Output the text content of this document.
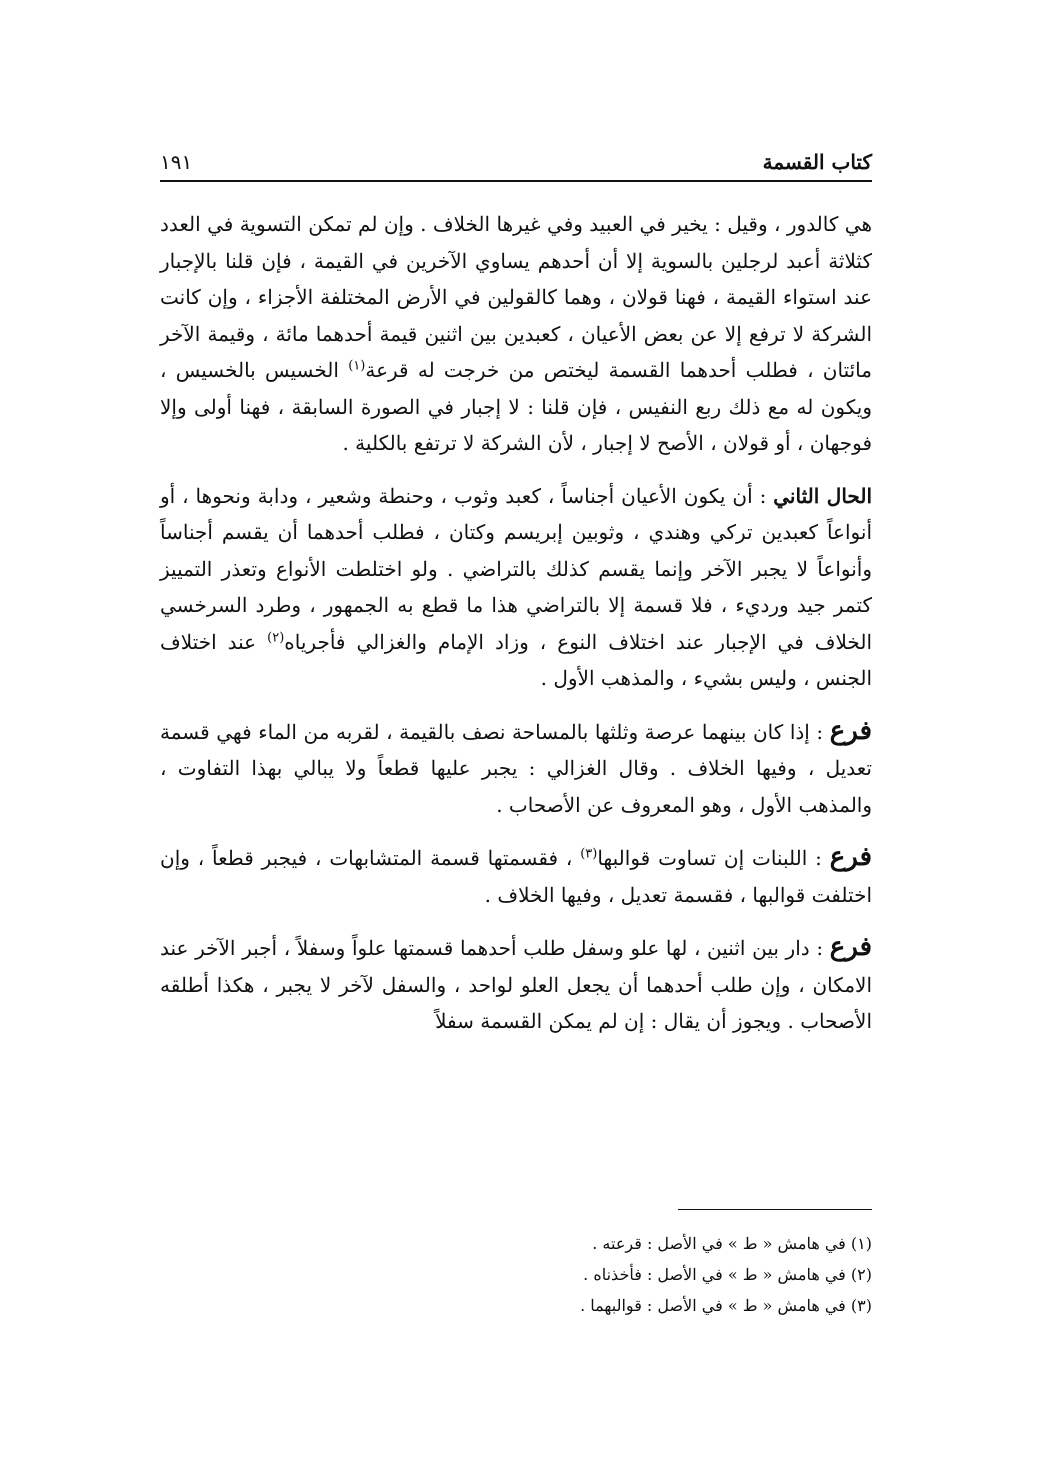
كتاب القسمة
١٩١

هي كالدور ، وقيل : يخير في العبيد وفي غيرها الخلاف . وإن لم تمكن التسوية في العدد كثلاثة أعبد لرجلين بالسوية إلا أن أحدهم يساوي الآخرين في القيمة ، فإن قلنا بالإجبار عند استواء القيمة ، فهنا قولان ، وهما كالقولين في الأرض المختلفة الأجزاء ، وإن كانت الشركة لا ترفع إلا عن بعض الأعيان ، كعبدين بين اثنين قيمة أحدهما مائة ، وقيمة الآخر مائتان ، فطلب أحدهما القسمة ليختص من خرجت له قرعة$^{(١)}$ الخسيس بالخسيس ، ويكون له مع ذلك ربع النفيس ، فإن قلنا : لا إجبار في الصورة السابقة ، فهنا أولى وإلا فوجهان ، أو قولان ، الأصح لا إجبار ، لأن الشركة لا ترتفع بالكلية .

الحال الثاني : أن يكون الأعيان أجناساً ، كعبد وثوب ، وحنطة وشعير ، ودابة ونحوها ، أو أنواعاً كعبدين تركي وهندي ، وثوبين إبريسم وكتان ، فطلب أحدهما أن يقسم أجناساً وأنواعاً لا يجبر الآخر وإنما يقسم كذلك بالتراضي . ولو اختلطت الأنواع وتعذر التمييز كتمر جيد ورديء ، فلا قسمة إلا بالتراضي هذا ما قطع به الجمهور ، وطرد السرخسي الخلاف في الإجبار عند اختلاف النوع ، وزاد الإمام والغزالي فأجرياه$^{(٢)}$ عند اختلاف الجنس ، وليس بشيء ، والمذهب الأول .

فرع : إذا كان بينهما عرصة وثلثها بالمساحة نصف بالقيمة ، لقربه من الماء فهي قسمة تعديل ، وفيها الخلاف . وقال الغزالي : يجبر عليها قطعاً ولا يبالي بهذا التفاوت ، والمذهب الأول ، وهو المعروف عن الأصحاب .

فرع : اللبنات إن تساوت قوالبها$^{(٣)}$ ، فقسمتها قسمة المتشابهات ، فيجبر قطعاً ، وإن اختلفت قوالبها ، فقسمة تعديل ، وفيها الخلاف .

فرع : دار بين اثنين ، لها علو وسفل طلب أحدهما قسمتها علواً وسفلاً ، أجبر الآخر عند الامكان ، وإن طلب أحدهما أن يجعل العلو لواحد ، والسفل لآخر لا يجبر ، هكذا أطلقه الأصحاب . ويجوز أن يقال : إن لم يمكن القسمة سفلاً

(١) في هامش « ط » في الأصل : قرعته .

(٢) في هامش « ط » في الأصل : فأخذناه .

(٣) في هامش « ط » في الأصل : قوالبهما .
